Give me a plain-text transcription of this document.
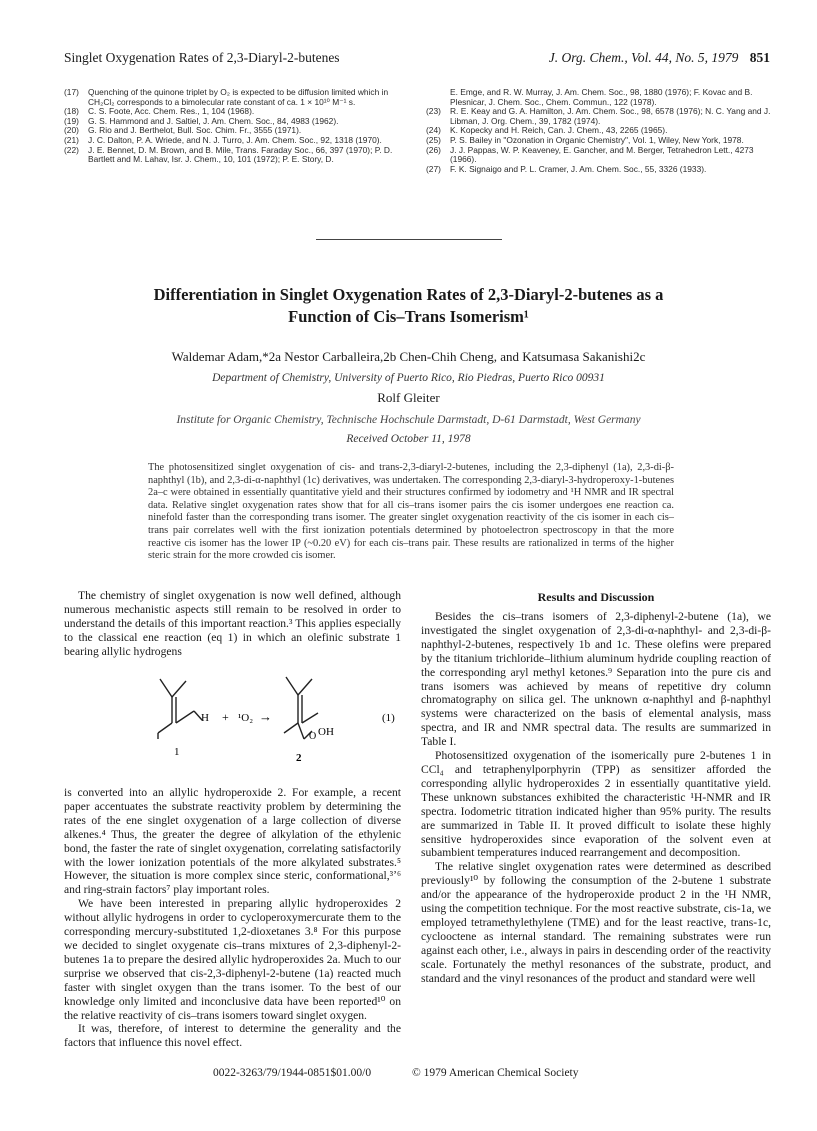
Singlet Oxygenation Rates of 2,3-Diaryl-2-butenes	J. Org. Chem., Vol. 44, No. 5, 1979 851
(17)	Quenching of the quinone triplet by O₂ is expected to be diffusion limited which in CH₂Cl₂ corresponds to a bimolecular rate constant of ca. 1 × 10¹⁰ M⁻¹ s.
(18)	C. S. Foote, Acc. Chem. Res., 1, 104 (1968).
(19)	G. S. Hammond and J. Saltiel, J. Am. Chem. Soc., 84, 4983 (1962).
(20)	G. Rio and J. Berthelot, Bull. Soc. Chim. Fr., 3555 (1971).
(21)	J. C. Dalton, P. A. Wriede, and N. J. Turro, J. Am. Chem. Soc., 92, 1318 (1970).
(22)	J. E. Bennet, D. M. Brown, and B. Mile, Trans. Faraday Soc., 66, 397 (1970); P. D. Bartlett and M. Lahav, Isr. J. Chem., 10, 101 (1972); P. E. Story, D.
E. Emge, and R. W. Murray, J. Am. Chem. Soc., 98, 1880 (1976); F. Kovac and B. Plesnicar, J. Chem. Soc., Chem. Commun., 122 (1978).
(23)	R. E. Keay and G. A. Hamilton, J. Am. Chem. Soc., 98, 6578 (1976); N. C. Yang and J. Libman, J. Org. Chem., 39, 1782 (1974).
(24)	K. Kopecky and H. Reich, Can. J. Chem., 43, 2265 (1965).
(25)	P. S. Bailey in "Ozonation in Organic Chemistry", Vol. 1, Wiley, New York, 1978.
(26)	J. J. Pappas, W. P. Keaveney, E. Gancher, and M. Berger, Tetrahedron Lett., 4273 (1966).
(27)	F. K. Signaigo and P. L. Cramer, J. Am. Chem. Soc., 55, 3326 (1933).
Differentiation in Singlet Oxygenation Rates of 2,3-Diaryl-2-butenes as a
Function of Cis–Trans Isomerism¹
Waldemar Adam,*2a Nestor Carballeira,2b Chen-Chih Cheng, and Katsumasa Sakanishi2c
Department of Chemistry, University of Puerto Rico, Rio Piedras, Puerto Rico 00931
Rolf Gleiter
Institute for Organic Chemistry, Technische Hochschule Darmstadt, D-61 Darmstadt, West Germany
Received October 11, 1978
The photosensitized singlet oxygenation of cis- and trans-2,3-diaryl-2-butenes, including the 2,3-diphenyl (1a), 2,3-di-β-naphthyl (1b), and 2,3-di-α-naphthyl (1c) derivatives, was undertaken. The corresponding 2,3-diaryl-3-hydroperoxy-1-butenes 2a–c were obtained in essentially quantitative yield and their structures confirmed by iodometry and ¹H NMR and IR spectral data. Relative singlet oxygenation rates show that for all cis–trans isomer pairs the cis isomer undergoes ene reaction ca. ninefold faster than the corresponding trans isomer. The greater singlet oxygenation reactivity of the cis isomer in each cis–trans pair correlates well with the first ionization potentials determined by photoelectron spectroscopy in that the more reactive cis isomer has the lower IP (~0.20 eV) for each cis–trans pair. These results are rationalized in terms of the higher steric strain for the more crowded cis isomer.

The chemistry of singlet oxygenation is now well defined, although numerous mechanistic aspects still remain to be resolved in order to understand the details of this important reaction.³ This applies especially to the classical ene reaction (eq 1) in which an olefinic substrate 1 bearing allylic hydrogens

H + ¹O₂ →
O OH
(1)
1	2

is converted into an allylic hydroperoxide 2. For example, a recent paper accentuates the substrate reactivity problem by determining the rates of the ene singlet oxygenation of a large collection of diverse alkenes.⁴ Thus, the greater the degree of alkylation of the ethylenic bond, the faster the rate of singlet oxygenation, correlating satisfactorily with the lower ionization potentials of the more alkylated substrates.⁵ However, the situation is more complex since steric, conformational,³ʼ⁶ and ring-strain factors⁷ play important roles.

We have been interested in preparing allylic hydroperoxides 2 without allylic hydrogens in order to cycloperoxymercurate them to the corresponding mercury-substituted 1,2-dioxetanes 3.⁸ For this purpose we decided to singlet oxygenate cis–trans mixtures of 2,3-diphenyl-2-butenes 1a to prepare the desired allylic hydroperoxides 2a. Much to our surprise we observed that cis-2,3-diphenyl-2-butene (1a) reacted much faster with singlet oxygen than the trans isomer. To the best of our knowledge only limited and inconclusive data have been reported¹⁰ on the relative reactivity of cis–trans isomers toward singlet oxygen.

It was, therefore, of interest to determine the generality and the factors that influence this novel effect.

Results and Discussion

Besides the cis–trans isomers of 2,3-diphenyl-2-butene (1a), we investigated the singlet oxygenation of 2,3-di-α-naphthyl- and 2,3-di-β-naphthyl-2-butenes, respectively 1b and 1c. These olefins were prepared by the titanium trichloride–lithium aluminum hydride coupling reaction of the corresponding aryl methyl ketones.⁹ Separation into the pure cis and trans isomers was achieved by means of repetitive dry column chromatography on silica gel. The unknown α-naphthyl and β-naphthyl systems were characterized on the basis of elemental analysis, mass spectra, and IR and NMR spectral data. The results are summarized in Table I.

Photosensitized oxygenation of the isomerically pure 2-butenes 1 in CCl₄ and tetraphenylporphyrin (TPP) as sensitizer afforded the corresponding allylic hydroperoxides 2 in essentially quantitative yield. These unknown substances exhibited the characteristic ¹H-NMR and IR spectra. Iodometric titration indicated higher than 95% purity. The results are summarized in Table II. It proved difficult to isolate these highly sensitive hydroperoxides since evaporation of the solvent even at subambient temperatures induced rearrangement and decomposition.

The relative singlet oxygenation rates were determined as described previously¹⁰ by following the consumption of the 2-butene 1 substrate and/or the appearance of the hydroperoxide product 2 in the ¹H NMR, using the competition technique. For the most reactive substrate, cis-1a, we employed tetramethylethylene (TME) and for the least reactive, trans-1c, cyclooctene as internal standard. The remaining substrates were run against each other, i.e., always in pairs in descending order of the reactivity scale. Fortunately the methyl resonances of the substrate, product, and standard and the vinyl resonances of the product and standard were well

0022-3263/79/1944-0851$01.00/0	© 1979 American Chemical Society
